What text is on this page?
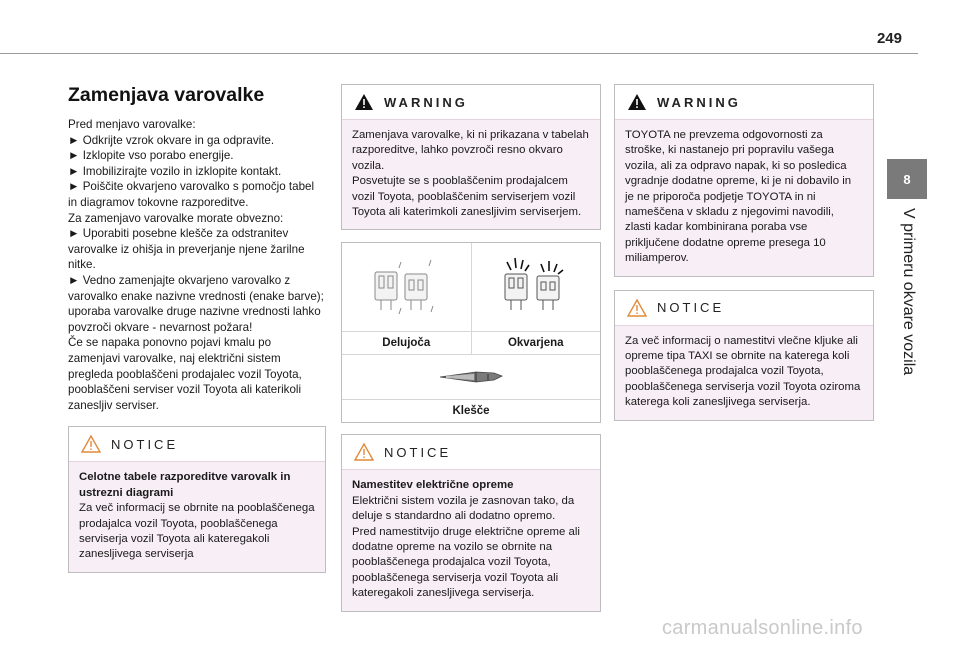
249
8
V primeru okvare vozila
Zamenjava varovalke
Pred menjavo varovalke:
► Odkrijte vzrok okvare in ga odpravite.
► Izklopite vso porabo energije.
► Imobilizirajte vozilo in izklopite kontakt.
► Poiščite okvarjeno varovalko s pomočjo tabel in diagramov tokovne razporeditve.
Za zamenjavo varovalke morate obvezno:
► Uporabiti posebne klešče za odstranitev varovalke iz ohišja in preverjanje njene žarilne nitke.
► Vedno zamenjajte okvarjeno varovalko z varovalko enake nazivne vrednosti (enake barve); uporaba varovalke druge nazivne vrednosti lahko povzroči okvare - nevarnost požara!
Če se napaka ponovno pojavi kmalu po zamenjavi varovalke, naj električni sistem pregleda pooblaščeni prodajalec vozil Toyota, pooblaščeni serviser vozil Toyota ali katerikoli zanesljiv serviser.
NOTICE
Celotne tabele razporeditve varovalk in ustrezni diagrami
Za več informacij se obrnite na pooblaščenega prodajalca vozil Toyota, pooblaščenega serviserja vozil Toyota ali kateregakoli zanesljivega serviserja
WARNING
Zamenjava varovalke, ki ni prikazana v tabelah razporeditve, lahko povzroči resno okvaro vozila.
Posvetujte se s pooblaščenim prodajalcem vozil Toyota, pooblaščenim serviserjem vozil Toyota ali katerimkoli zanesljivim serviserjem.
Delujoča	Okvarjena
Klešče
NOTICE
Namestitev električne opreme
Električni sistem vozila je zasnovan tako, da deluje s standardno ali dodatno opremo.
Pred namestitvijo druge električne opreme ali dodatne opreme na vozilo se obrnite na pooblaščenega prodajalca vozil Toyota, pooblaščenega serviserja vozil Toyota ali kateregakoli zanesljivega serviserja.
WARNING
TOYOTA ne prevzema odgovornosti za stroške, ki nastanejo pri popravilu vašega vozila, ali za odpravo napak, ki so posledica vgradnje dodatne opreme, ki je ni dobavilo in je ne priporoča podjetje TOYOTA in ni nameščena v skladu z njegovimi navodili, zlasti kadar kombinirana poraba vse priključene dodatne opreme presega 10 miliamperov.
NOTICE
Za več informacij o namestitvi vlečne kljuke ali opreme tipa TAXI se obrnite na katerega koli pooblaščenega prodajalca vozil Toyota, pooblaščenega serviserja vozil Toyota oziroma katerega koli zanesljivega serviserja.
carmanualsonline.info
